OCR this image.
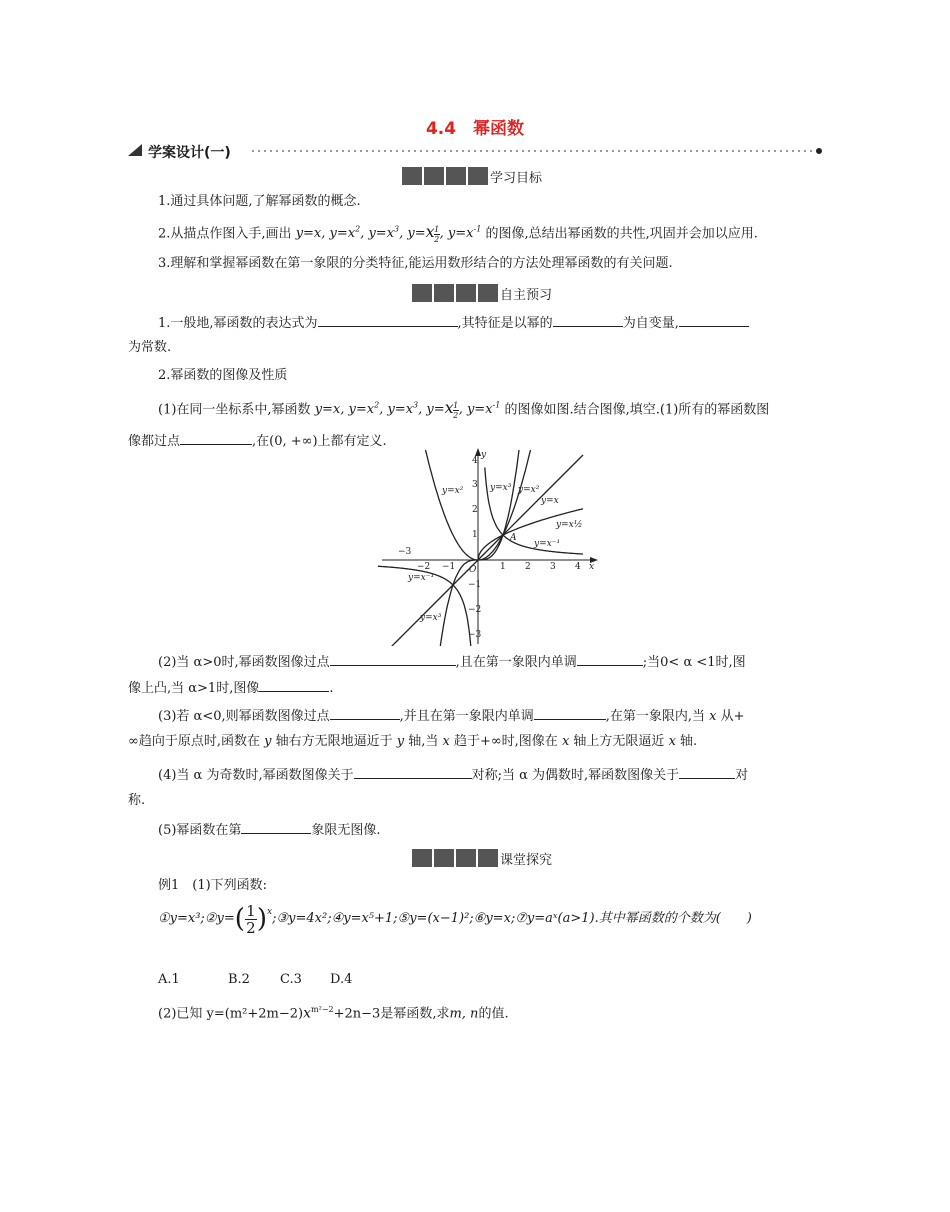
4.4　幂函数
学案设计(一)
学习目标
1.通过具体问题,了解幂函数的概念.
2.从描点作图入手,画出 y=x, $y=x^2$, $y=x^3$, $y=x \frac{1}{2}$ , $y=x^{-1}$ 的图像,总结出幂函数的共性,巩固并会加以应用.
3.理解和掌握幂函数在第一象限的分类特征,能运用数形结合的方法处理幂函数的有关问题.
自主预习
1.一般地,幂函数的表达式为	,其特征是以幂的	为自变量,
为常数.
2.幂函数的图像及性质
(1)在同一坐标系中,幂函数 y=x, $y=x^2$, $y=x^3$, $y=x \frac{1}{2}$ , $y=x^{-1}$ 的图像如图.结合图像,填空.(1)所有的幂函数图
像都过点	,在(0, +∞)上都有定义.
−3
−2 −1	1 2 3 4 x
4
3
2
1
−1
−2
−3
y
O
A
y=x²	y=x³ y=x²
y=x
y=x½
y=x⁻¹
y=x⁻¹
y=x³
(2)当 α>0时,幂函数图像过点	,且在第一象限内单调	;当0< α <1时,图
像上凸,当 α>1时,图像	.
(3)若 α<0,则幂函数图像过点	,并且在第一象限内单调	,在第一象限内,当 x 从+
∞趋向于原点时,函数在 y 轴右方无限地逼近于 y 轴,当 x 趋于+∞时,图像在 x 轴上方无限逼近 x 轴.
(4)当 α 为奇数时,幂函数图像关于	对称;当 α 为偶数时,幂函数图像关于	对
称.
(5)幂函数在第	象限无图像.
课堂探究
例1　(1)下列函数:
①y=x³;②y= ( 1
2 ) x ;③y=4x²;④y=x⁵+1;⑤y=(x−1)²;⑥y=x;⑦y=aˣ(a>1).其中幂函数的个数为(　　)
A.1	B.2 C.3 D.4
(2)已知 $y=(m^2+2m-2)x^{m^2-2}+2n-3$是幂函数,求m, n的值.
